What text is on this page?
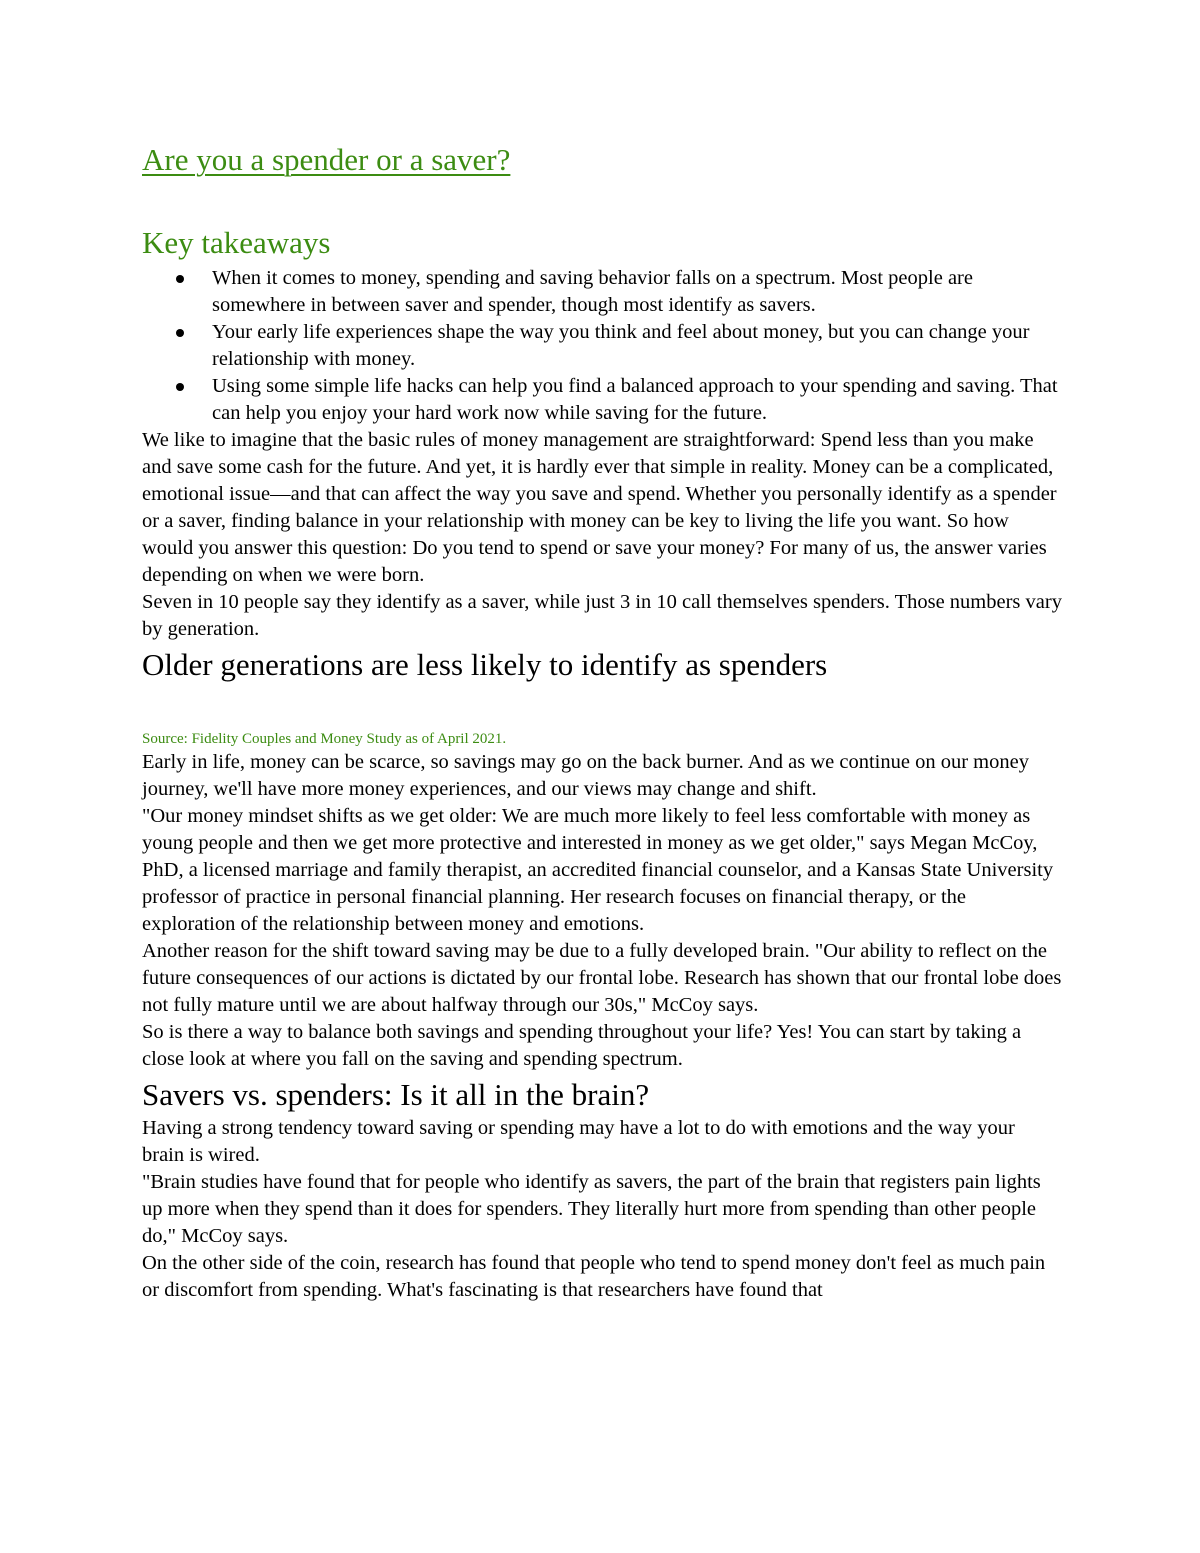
Are you a spender or a saver?
Key takeaways
When it comes to money, spending and saving behavior falls on a spectrum. Most people are somewhere in between saver and spender, though most identify as savers.
Your early life experiences shape the way you think and feel about money, but you can change your relationship with money.
Using some simple life hacks can help you find a balanced approach to your spending and saving. That can help you enjoy your hard work now while saving for the future.

We like to imagine that the basic rules of money management are straightforward: Spend less than you make and save some cash for the future. And yet, it is hardly ever that simple in reality. Money can be a complicated, emotional issue—and that can affect the way you save and spend. Whether you personally identify as a spender or a saver, finding balance in your relationship with money can be key to living the life you want. So how would you answer this question: Do you tend to spend or save your money? For many of us, the answer varies depending on when we were born.

Seven in 10 people say they identify as a saver, while just 3 in 10 call themselves spenders. Those numbers vary by generation.

Older generations are less likely to identify as spenders

Source: Fidelity Couples and Money Study as of April 2021.

Early in life, money can be scarce, so savings may go on the back burner. And as we continue on our money journey, we'll have more money experiences, and our views may change and shift.

"Our money mindset shifts as we get older: We are much more likely to feel less comfortable with money as young people and then we get more protective and interested in money as we get older," says Megan McCoy, PhD, a licensed marriage and family therapist, an accredited financial counselor, and a Kansas State University professor of practice in personal financial planning. Her research focuses on financial therapy, or the exploration of the relationship between money and emotions.

Another reason for the shift toward saving may be due to a fully developed brain. "Our ability to reflect on the future consequences of our actions is dictated by our frontal lobe. Research has shown that our frontal lobe does not fully mature until we are about halfway through our 30s," McCoy says.

So is there a way to balance both savings and spending throughout your life? Yes! You can start by taking a close look at where you fall on the saving and spending spectrum.

Savers vs. spenders: Is it all in the brain?

Having a strong tendency toward saving or spending may have a lot to do with emotions and the way your brain is wired.

"Brain studies have found that for people who identify as savers, the part of the brain that registers pain lights up more when they spend than it does for spenders. They literally hurt more from spending than other people do," McCoy says.

On the other side of the coin, research has found that people who tend to spend money don't feel as much pain or discomfort from spending. What's fascinating is that researchers have found that
